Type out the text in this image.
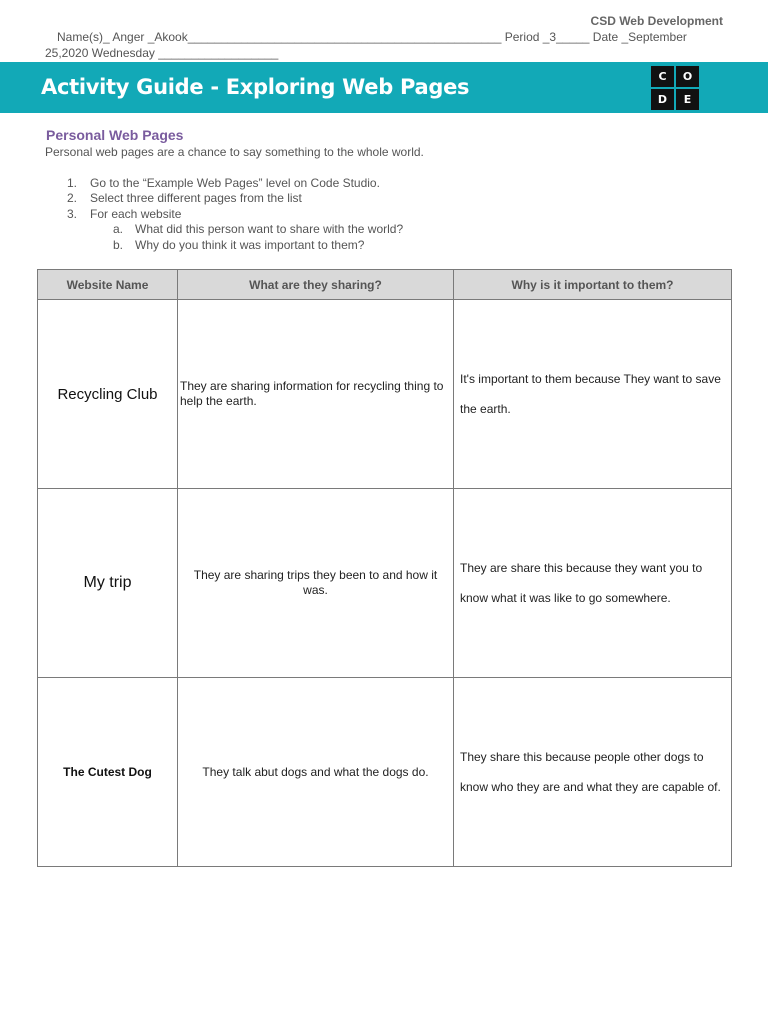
CSD Web Development
Name(s)_ Anger _Akook_______________________________________________ Period _3_____ Date _September 25,2020 Wednesday __________________
Activity Guide - Exploring Web Pages	C	O
D	E
Personal Web Pages
Personal web pages are a chance to say something to the whole world.
1.	Go to the “Example Web Pages” level on Code Studio.
2.	Select three different pages from the list
3.	For each website
a. What did this person want to share with the world?
b. Why do you think it was important to them?
Website Name	What are they sharing?	Why is it important to them?
Recycling Club	They are sharing information for recycling thing to help the earth.	It's important to them because They want to save the earth.
My trip	They are sharing trips they been to and how it was.	They are share this because they want you to know what it was like to go somewhere.
The Cutest Dog	They talk abut dogs and what the dogs do.	They share this because people other dogs to know who they are and what they are capable of.
